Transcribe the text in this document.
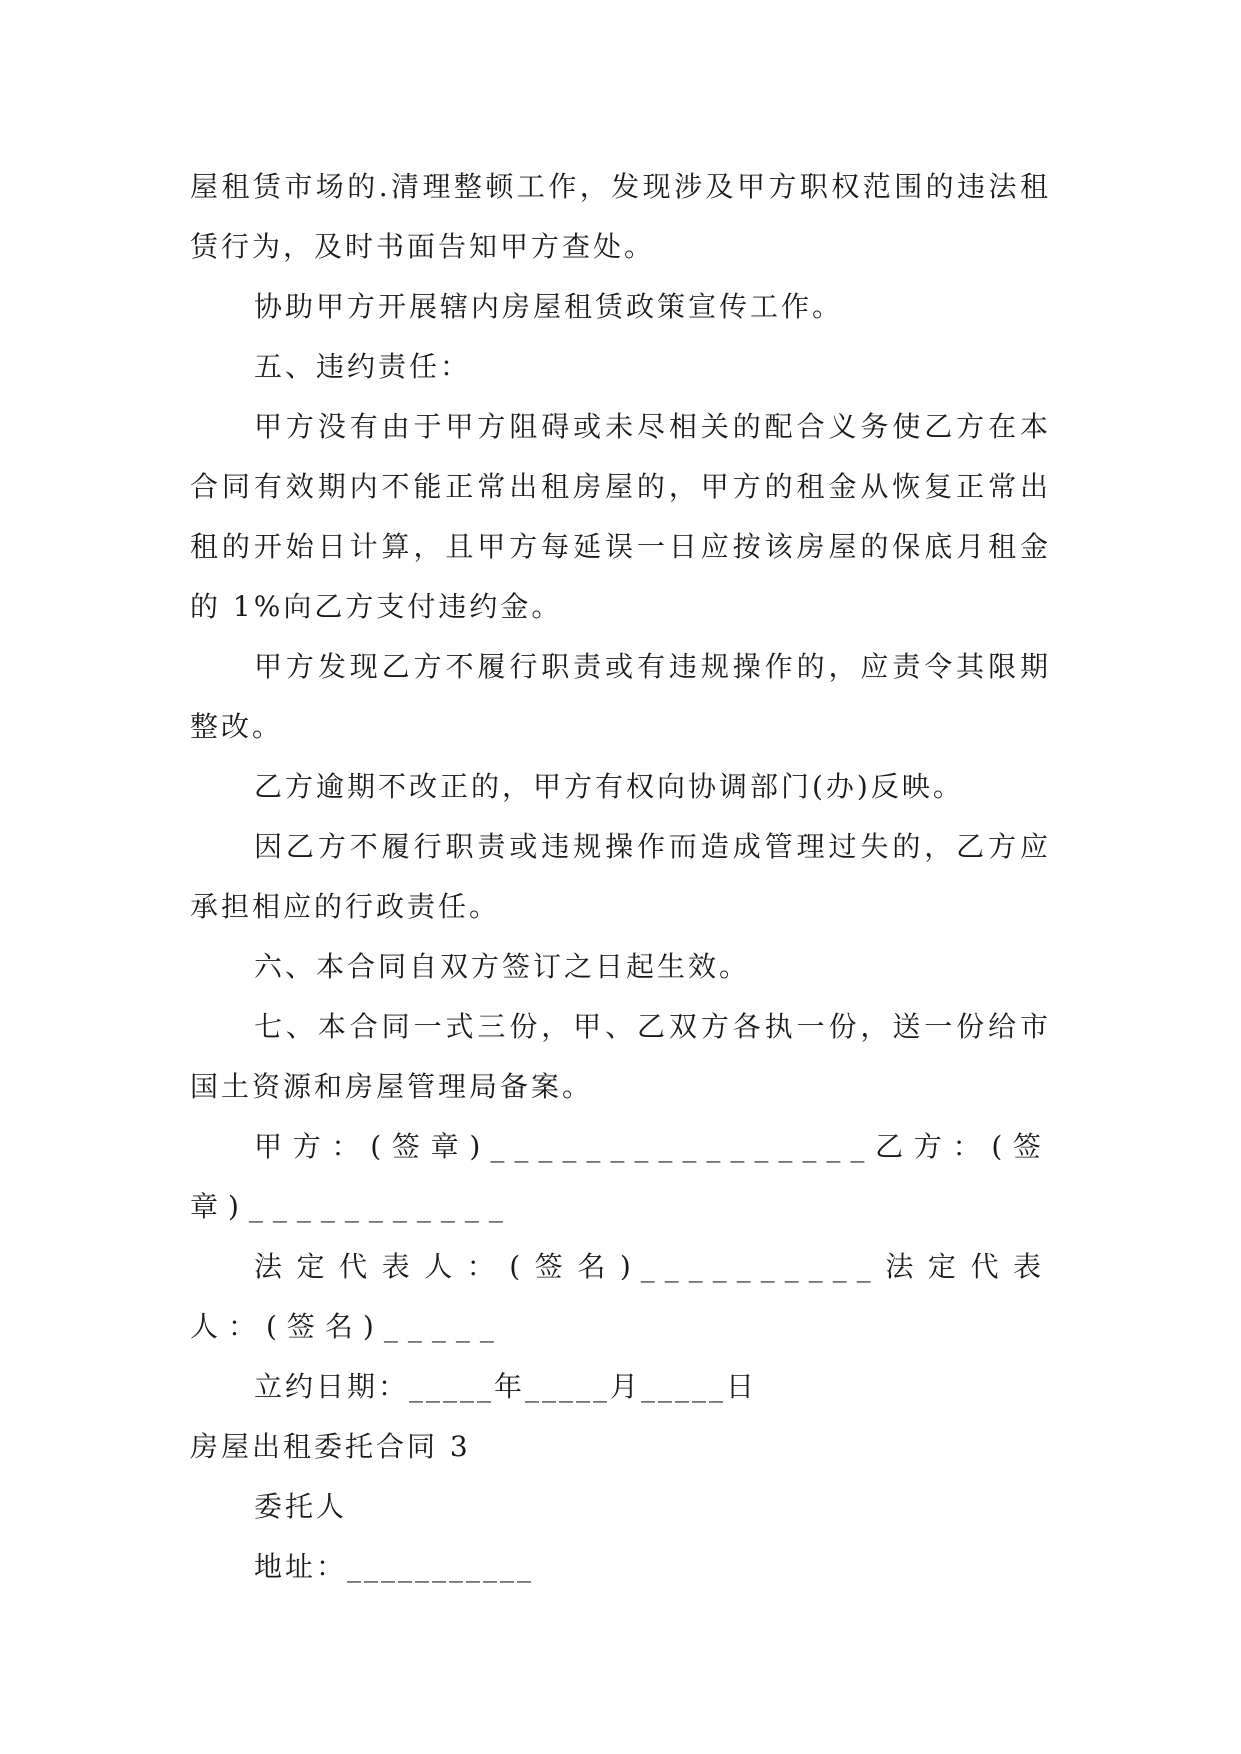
屋租赁市场的.清理整顿工作，发现涉及甲方职权范围的违法租赁行为，及时书面告知甲方查处。

协助甲方开展辖内房屋租赁政策宣传工作。

五、违约责任：

甲方没有由于甲方阻碍或未尽相关的配合义务使乙方在本合同有效期内不能正常出租房屋的，甲方的租金从恢复正常出租的开始日计算，且甲方每延误一日应按该房屋的保底月租金的 1%向乙方支付违约金。

甲方发现乙方不履行职责或有违规操作的，应责令其限期整改。

乙方逾期不改正的，甲方有权向协调部门(办)反映。

因乙方不履行职责或违规操作而造成管理过失的，乙方应承担相应的行政责任。

六、本合同自双方签订之日起生效。

七、本合同一式三份，甲、乙双方各执一份，送一份给市国土资源和房屋管理局备案。

甲方：(签章)________________乙方：(签章)___________

法定代表人：(签名)__________法定代表人：(签名)_____

立约日期：_____年_____月_____日

房屋出租委托合同 3

委托人

地址：___________
